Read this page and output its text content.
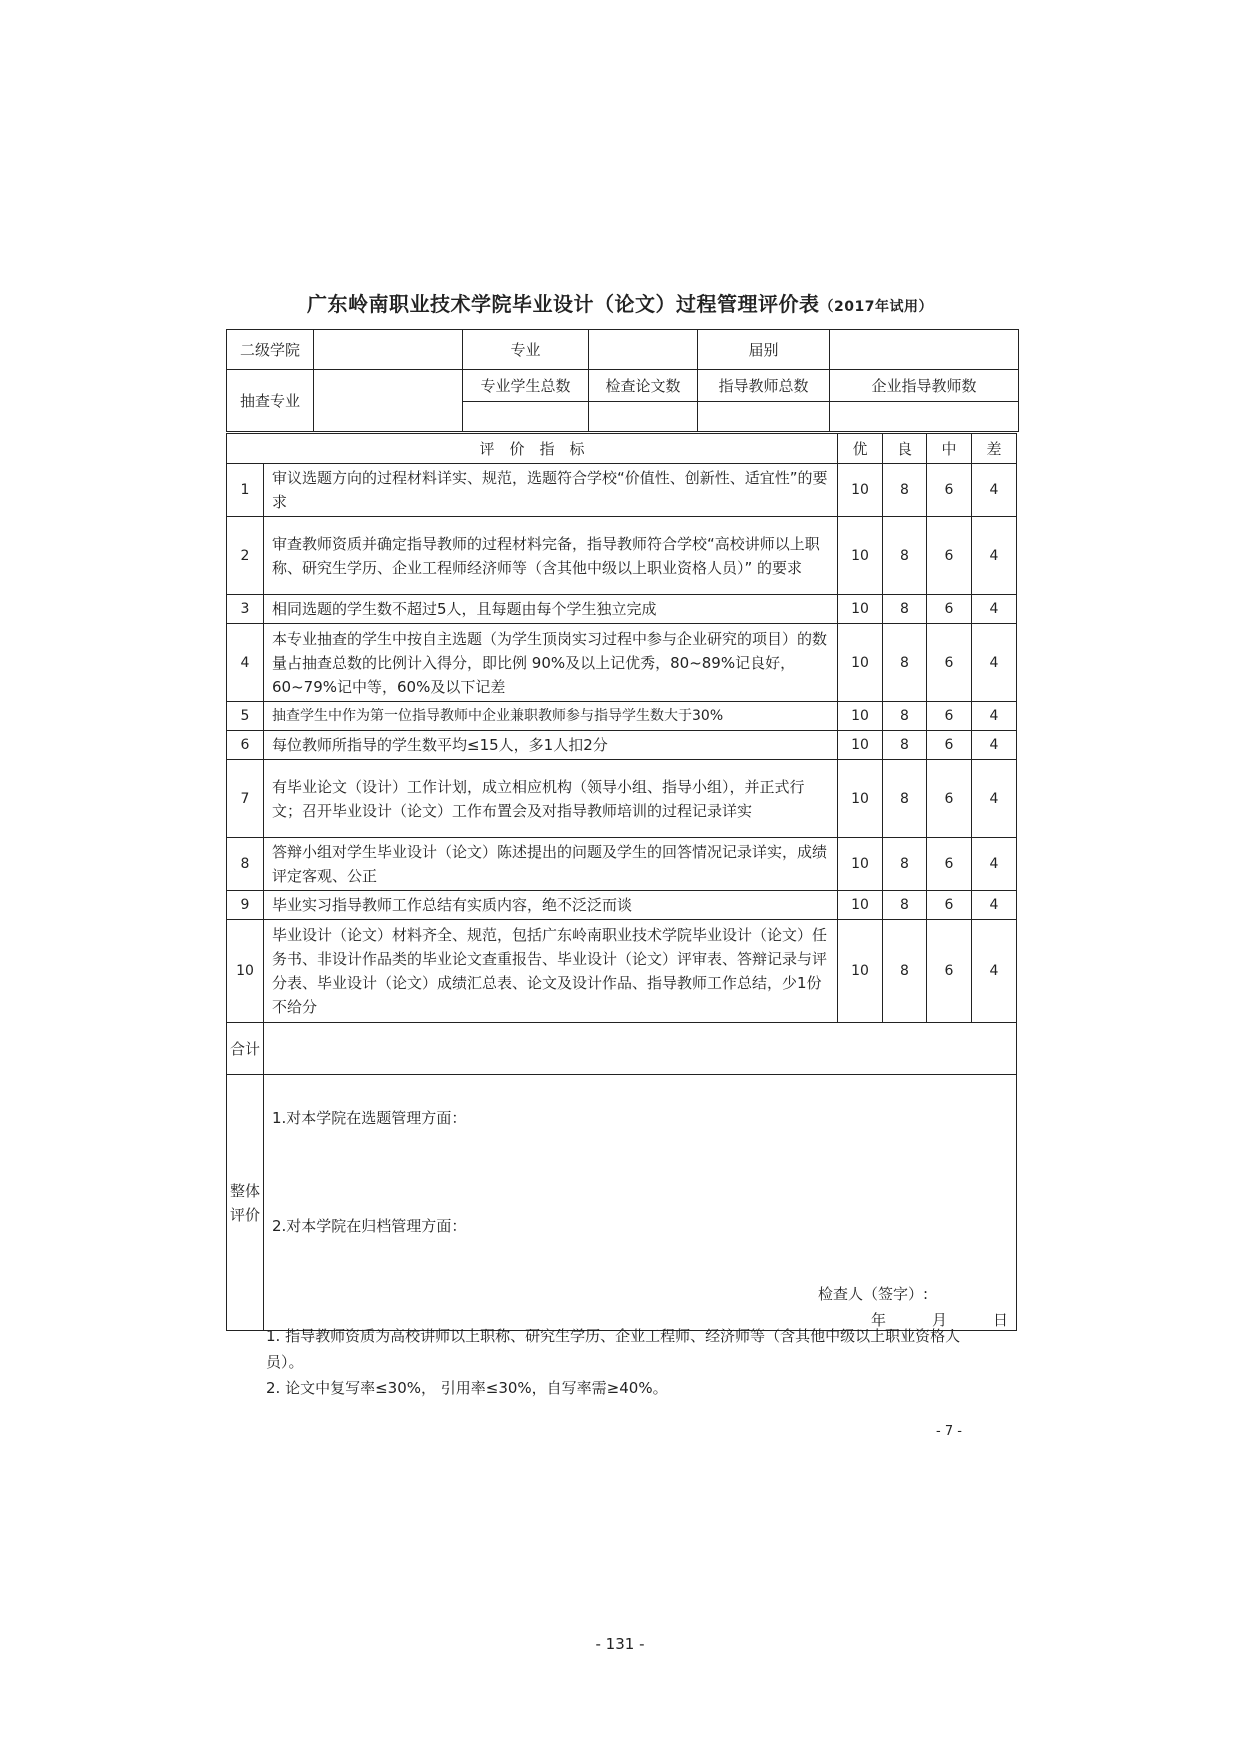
广东岭南职业技术学院毕业设计（论文）过程管理评价表（2017年试用）
二级学院		专业		届别	
抽查专业		专业学生总数	检查论文数	指导教师总数	企业指导教师数

评　价　指　标		优	良	中	差
1	审议选题方向的过程材料详实、规范，选题符合学校“价值性、创新性、适宜性”的要求	10	8	6	4
2	审查教师资质并确定指导教师的过程材料完备，指导教师符合学校“高校讲师以上职称、研究生学历、企业工程师经济师等（含其他中级以上职业资格人员）” 的要求	10	8	6	4
3	相同选题的学生数不超过5人，且每题由每个学生独立完成	10	8	6	4
4	本专业抽查的学生中按自主选题（为学生顶岗实习过程中参与企业研究的项目）的数量占抽查总数的比例计入得分，即比例 90%及以上记优秀，80~89%记良好，60~79%记中等，60%及以下记差	10	8	6	4
5	抽查学生中作为第一位指导教师中企业兼职教师参与指导学生数大于30%	10	8	6	4
6	每位教师所指导的学生数平均≤15人，多1人扣2分	10	8	6	4
7	有毕业论文（设计）工作计划，成立相应机构（领导小组、指导小组），并正式行文；召开毕业设计（论文）工作布置会及对指导教师培训的过程记录详实	10	8	6	4
8	答辩小组对学生毕业设计（论文）陈述提出的问题及学生的回答情况记录详实，成绩评定客观、公正	10	8	6	4
9	毕业实习指导教师工作总结有实质内容，绝不泛泛而谈	10	8	6	4
10	毕业设计（论文）材料齐全、规范，包括广东岭南职业技术学院毕业设计（论文）任务书、非设计作品类的毕业论文查重报告、毕业设计（论文）评审表、答辩记录与评分表、毕业设计（论文）成绩汇总表、论文及设计作品、指导教师工作总结，少1份不给分	10	8	6	4
合计					
整体评价	1.对本学院在选题管理方面：
2.对本学院在归档管理方面：
检查人（签字）:
年 月 日				
1. 指导教师资质为高校讲师以上职称、研究生学历、企业工程师、经济师等（含其他中级以上职业资格人员）。
2. 论文中复写率≤30%， 引用率≤30%，自写率需≥40%。
- 7 -
- 131 -
